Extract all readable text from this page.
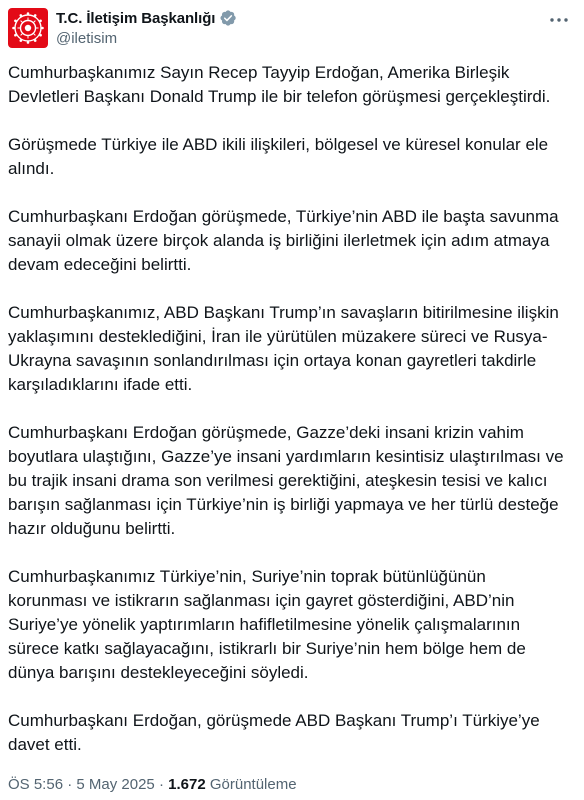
T.C. İletişim Başkanlığı
@iletisim

Cumhurbaşkanımız Sayın Recep Tayyip Erdoğan, Amerika Birleşik
Devletleri Başkanı Donald Trump ile bir telefon görüşmesi gerçekleştirdi.

Görüşmede Türkiye ile ABD ikili ilişkileri, bölgesel ve küresel konular ele
alındı.

Cumhurbaşkanı Erdoğan görüşmede, Türkiye’nin ABD ile başta savunma
sanayii olmak üzere birçok alanda iş birliğini ilerletmek için adım atmaya
devam edeceğini belirtti.

Cumhurbaşkanımız, ABD Başkanı Trump’ın savaşların bitirilmesine ilişkin
yaklaşımını desteklediğini, İran ile yürütülen müzakere süreci ve Rusya-
Ukrayna savaşının sonlandırılması için ortaya konan gayretleri takdirle
karşıladıklarını ifade etti.

Cumhurbaşkanı Erdoğan görüşmede, Gazze’deki insani krizin vahim
boyutlara ulaştığını, Gazze’ye insani yardımların kesintisiz ulaştırılması ve
bu trajik insani drama son verilmesi gerektiğini, ateşkesin tesisi ve kalıcı
barışın sağlanması için Türkiye’nin iş birliği yapmaya ve her türlü desteğe
hazır olduğunu belirtti.

Cumhurbaşkanımız Türkiye’nin, Suriye’nin toprak bütünlüğünün
korunması ve istikrarın sağlanması için gayret gösterdiğini, ABD’nin
Suriye’ye yönelik yaptırımların hafifletilmesine yönelik çalışmalarının
sürece katkı sağlayacağını, istikrarlı bir Suriye’nin hem bölge hem de
dünya barışını destekleyeceğini söyledi.

Cumhurbaşkanı Erdoğan, görüşmede ABD Başkanı Trump’ı Türkiye’ye
davet etti.

ÖS 5:56 · 5 May 2025 · 1.672 Görüntüleme
